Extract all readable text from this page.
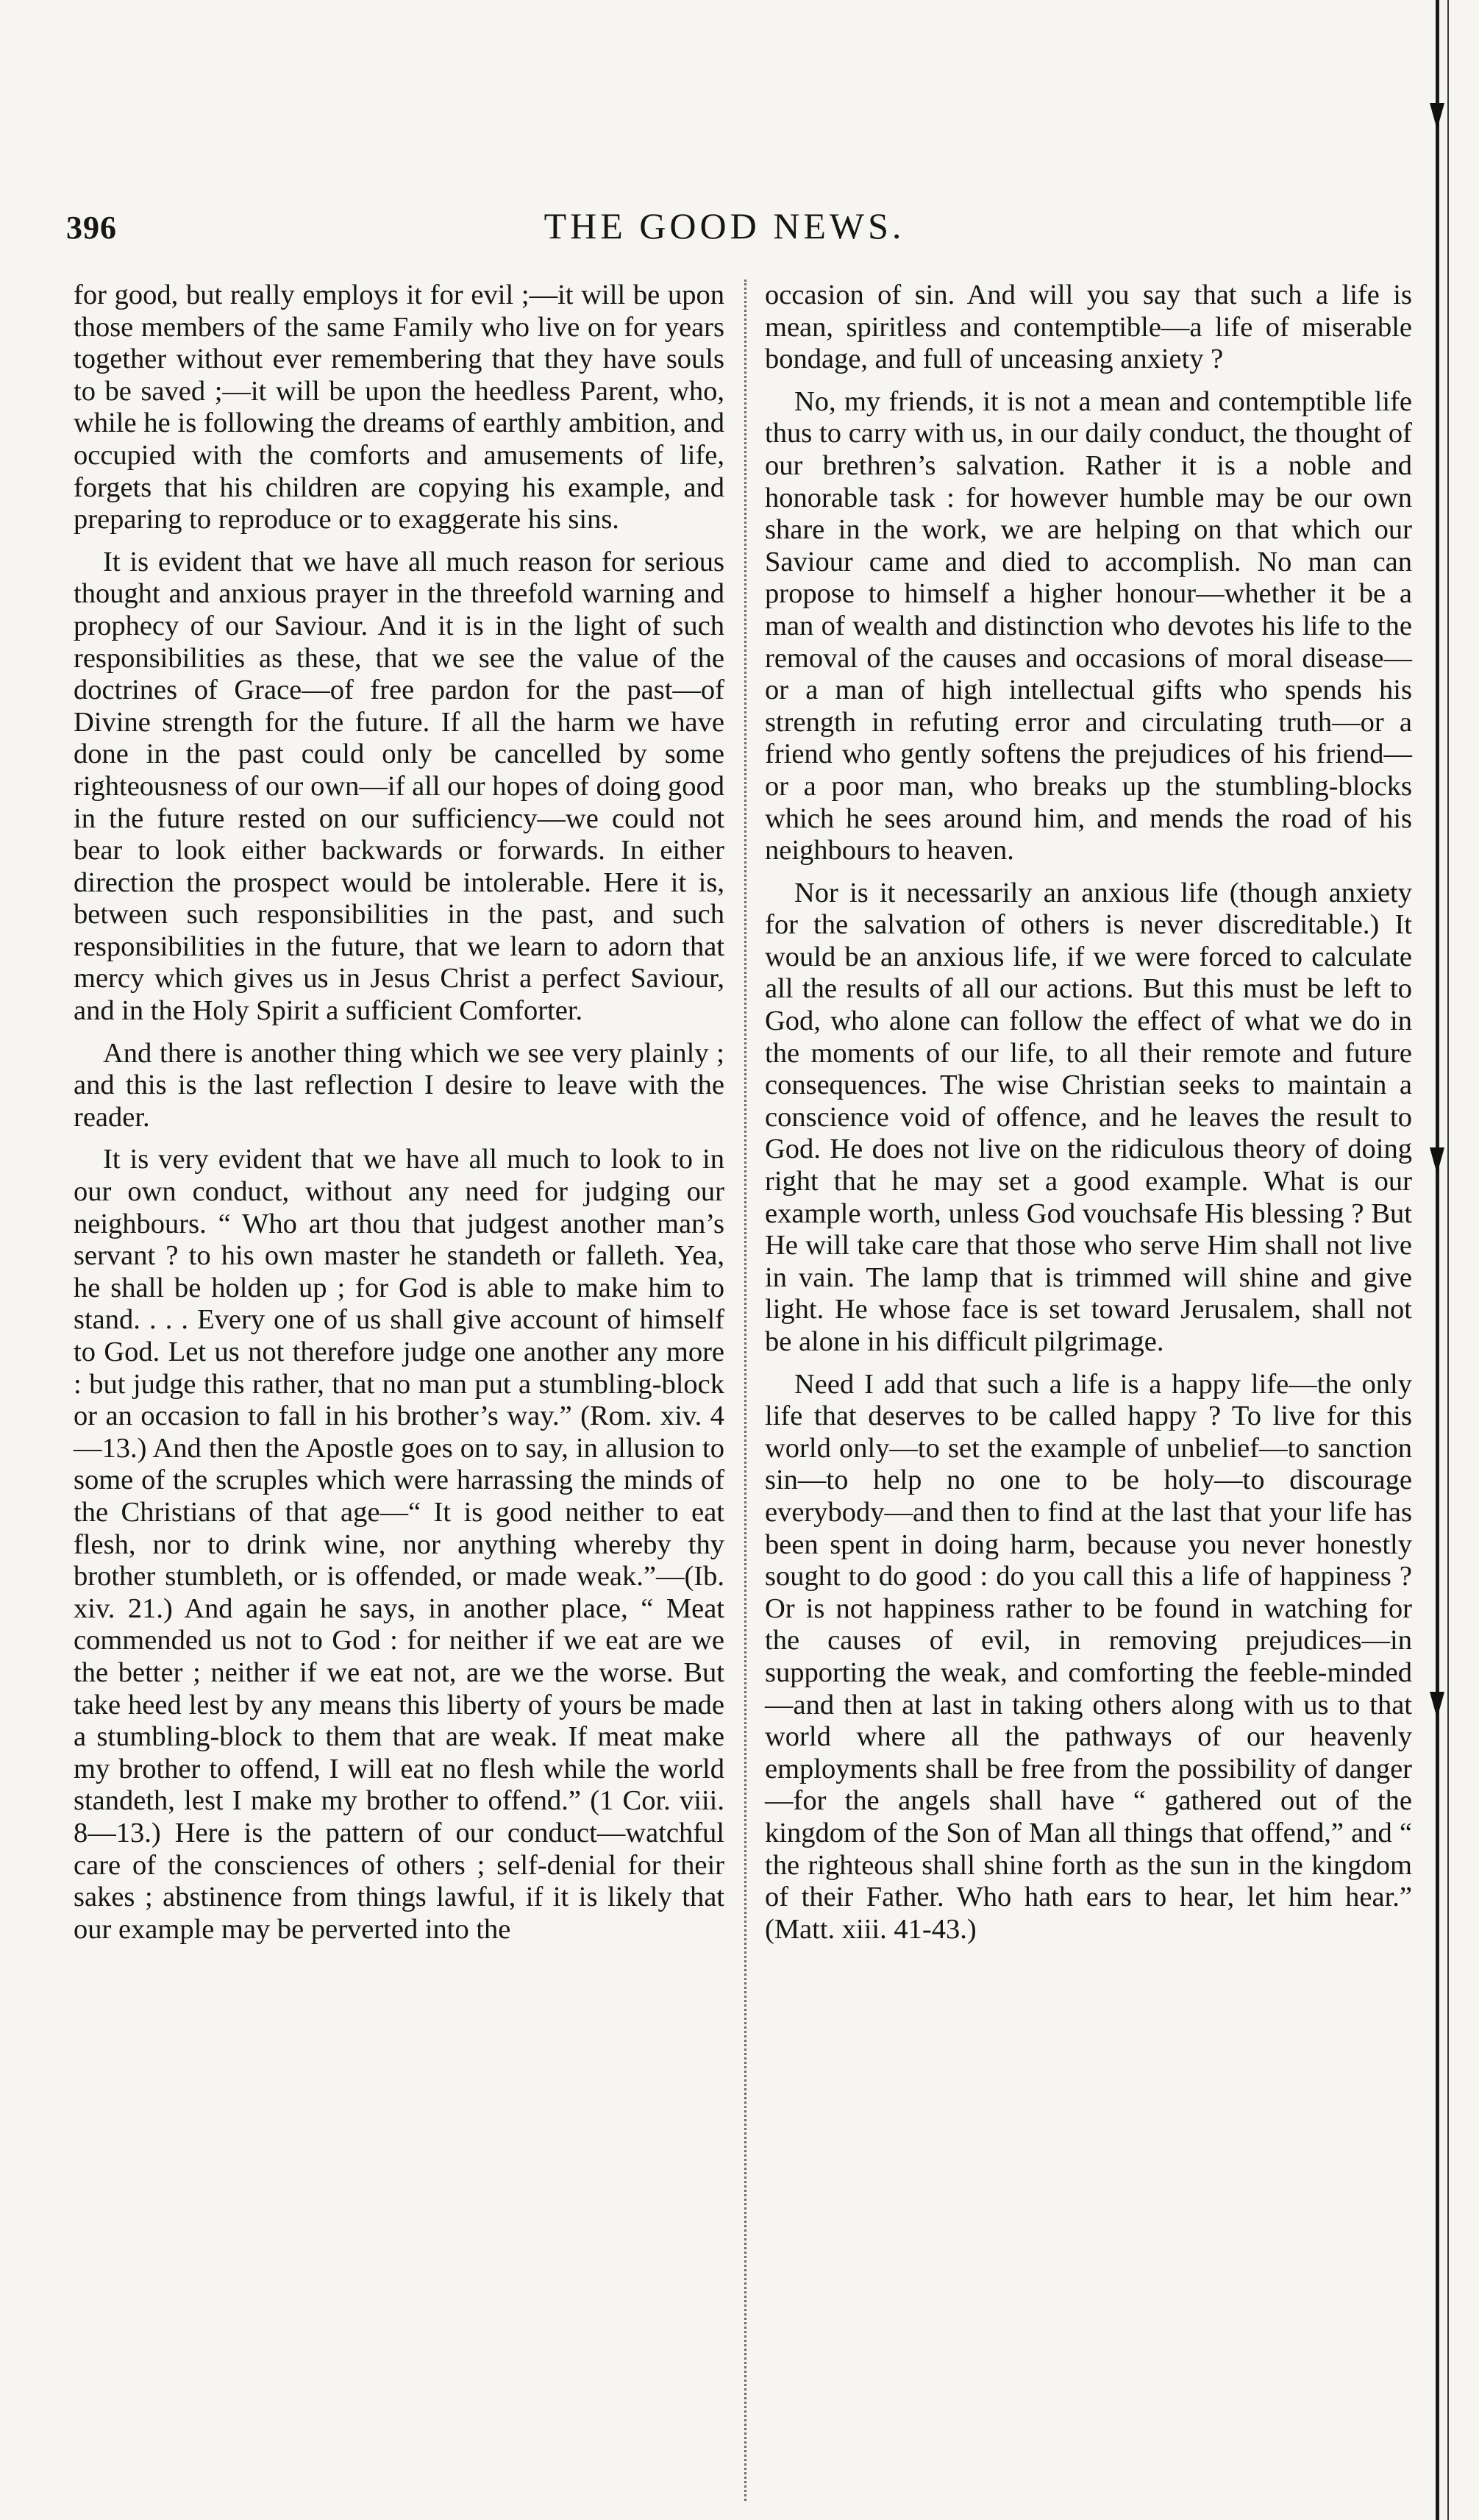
396	THE GOOD NEWS.

for good, but really employs it for evil ;—it will be upon those members of the same Family who live on for years together without ever remembering that they have souls to be saved ;—it will be upon the heedless Parent, who, while he is following the dreams of earthly ambition, and occupied with the comforts and amusements of life, forgets that his children are copying his example, and preparing to reproduce or to exaggerate his sins.

It is evident that we have all much reason for serious thought and anxious prayer in the threefold warning and prophecy of our Saviour. And it is in the light of such responsibilities as these, that we see the value of the doctrines of Grace—of free pardon for the past—of Divine strength for the future. If all the harm we have done in the past could only be cancelled by some righteousness of our own—if all our hopes of doing good in the future rested on our sufficiency—we could not bear to look either backwards or forwards. In either direction the prospect would be intolerable. Here it is, between such responsibilities in the past, and such responsibilities in the future, that we learn to adorn that mercy which gives us in Jesus Christ a perfect Saviour, and in the Holy Spirit a sufficient Comforter.

And there is another thing which we see very plainly ; and this is the last reflection I desire to leave with the reader.

It is very evident that we have all much to look to in our own conduct, without any need for judging our neighbours. “ Who art thou that judgest another man’s servant ? to his own master he standeth or falleth. Yea, he shall be holden up ; for God is able to make him to stand. . . . Every one of us shall give account of himself to God. Let us not therefore judge one another any more : but judge this rather, that no man put a stumbling-block or an occasion to fall in his brother’s way.” (Rom. xiv. 4—13.) And then the Apostle goes on to say, in allusion to some of the scruples which were harrassing the minds of the Christians of that age—“ It is good neither to eat flesh, nor to drink wine, nor anything whereby thy brother stumbleth, or is offended, or made weak.”—(Ib. xiv. 21.) And again he says, in another place, “ Meat commended us not to God : for neither if we eat are we the better ; neither if we eat not, are we the worse. But take heed lest by any means this liberty of yours be made a stumbling-block to them that are weak. If meat make my brother to offend, I will eat no flesh while the world standeth, lest I make my brother to offend.” (1 Cor. viii. 8—13.) Here is the pattern of our conduct—watchful care of the consciences of others ; self-denial for their sakes ; abstinence from things lawful, if it is likely that our example may be perverted into the

occasion of sin. And will you say that such a life is mean, spiritless and contemptible—a life of miserable bondage, and full of unceasing anxiety ?

No, my friends, it is not a mean and contemptible life thus to carry with us, in our daily conduct, the thought of our brethren’s salvation. Rather it is a noble and honorable task : for however humble may be our own share in the work, we are helping on that which our Saviour came and died to accomplish. No man can propose to himself a higher honour—whether it be a man of wealth and distinction who devotes his life to the removal of the causes and occasions of moral disease—or a man of high intellectual gifts who spends his strength in refuting error and circulating truth—or a friend who gently softens the prejudices of his friend—or a poor man, who breaks up the stumbling-blocks which he sees around him, and mends the road of his neighbours to heaven.

Nor is it necessarily an anxious life (though anxiety for the salvation of others is never discreditable.) It would be an anxious life, if we were forced to calculate all the results of all our actions. But this must be left to God, who alone can follow the effect of what we do in the moments of our life, to all their remote and future consequences. The wise Christian seeks to maintain a conscience void of offence, and he leaves the result to God. He does not live on the ridiculous theory of doing right that he may set a good example. What is our example worth, unless God vouchsafe His blessing ? But He will take care that those who serve Him shall not live in vain. The lamp that is trimmed will shine and give light. He whose face is set toward Jerusalem, shall not be alone in his difficult pilgrimage.

Need I add that such a life is a happy life—the only life that deserves to be called happy ? To live for this world only—to set the example of unbelief—to sanction sin—to help no one to be holy—to discourage everybody—and then to find at the last that your life has been spent in doing harm, because you never honestly sought to do good : do you call this a life of happiness ? Or is not happiness rather to be found in watching for the causes of evil, in removing prejudices—in supporting the weak, and comforting the feeble-minded—and then at last in taking others along with us to that world where all the pathways of our heavenly employments shall be free from the possibility of danger—for the angels shall have “ gathered out of the kingdom of the Son of Man all things that offend,” and “ the righteous shall shine forth as the sun in the kingdom of their Father. Who hath ears to hear, let him hear.” (Matt. xiii. 41-43.)
